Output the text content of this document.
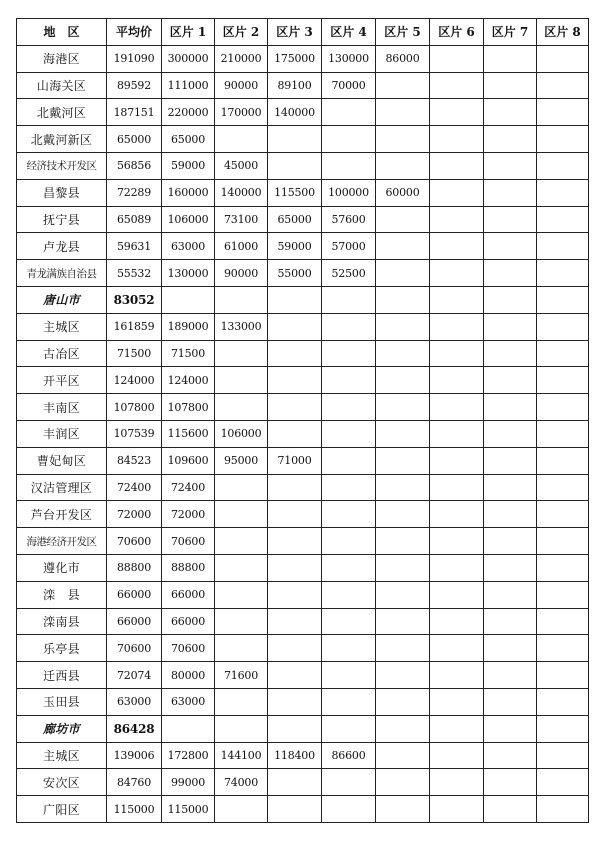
地　区	平均价	区片 1	区片 2	区片 3	区片 4	区片 5	区片 6	区片 7	区片 8
海港区	191090	300000	210000	175000	130000	86000			
山海关区	89592	111000	90000	89100	70000				
北戴河区	187151	220000	170000	140000					
北戴河新区	65000	65000							
经济技术开发区	56856	59000	45000						
昌黎县	72289	160000	140000	115500	100000	60000			
抚宁县	65089	106000	73100	65000	57600				
卢龙县	59631	63000	61000	59000	57000				
青龙满族自治县	55532	130000	90000	55000	52500				
唐山市	83052								
主城区	161859	189000	133000						
古冶区	71500	71500							
开平区	124000	124000							
丰南区	107800	107800							
丰润区	107539	115600	106000						
曹妃甸区	84523	109600	95000	71000					
汉沽管理区	72400	72400							
芦台开发区	72000	72000							
海港经济开发区	70600	70600							
遵化市	88800	88800							
滦　县	66000	66000							
滦南县	66000	66000							
乐亭县	70600	70600							
迁西县	72074	80000	71600						
玉田县	63000	63000							
廊坊市	86428								
主城区	139006	172800	144100	118400	86600				
安次区	84760	99000	74000						
广阳区	115000	115000							
